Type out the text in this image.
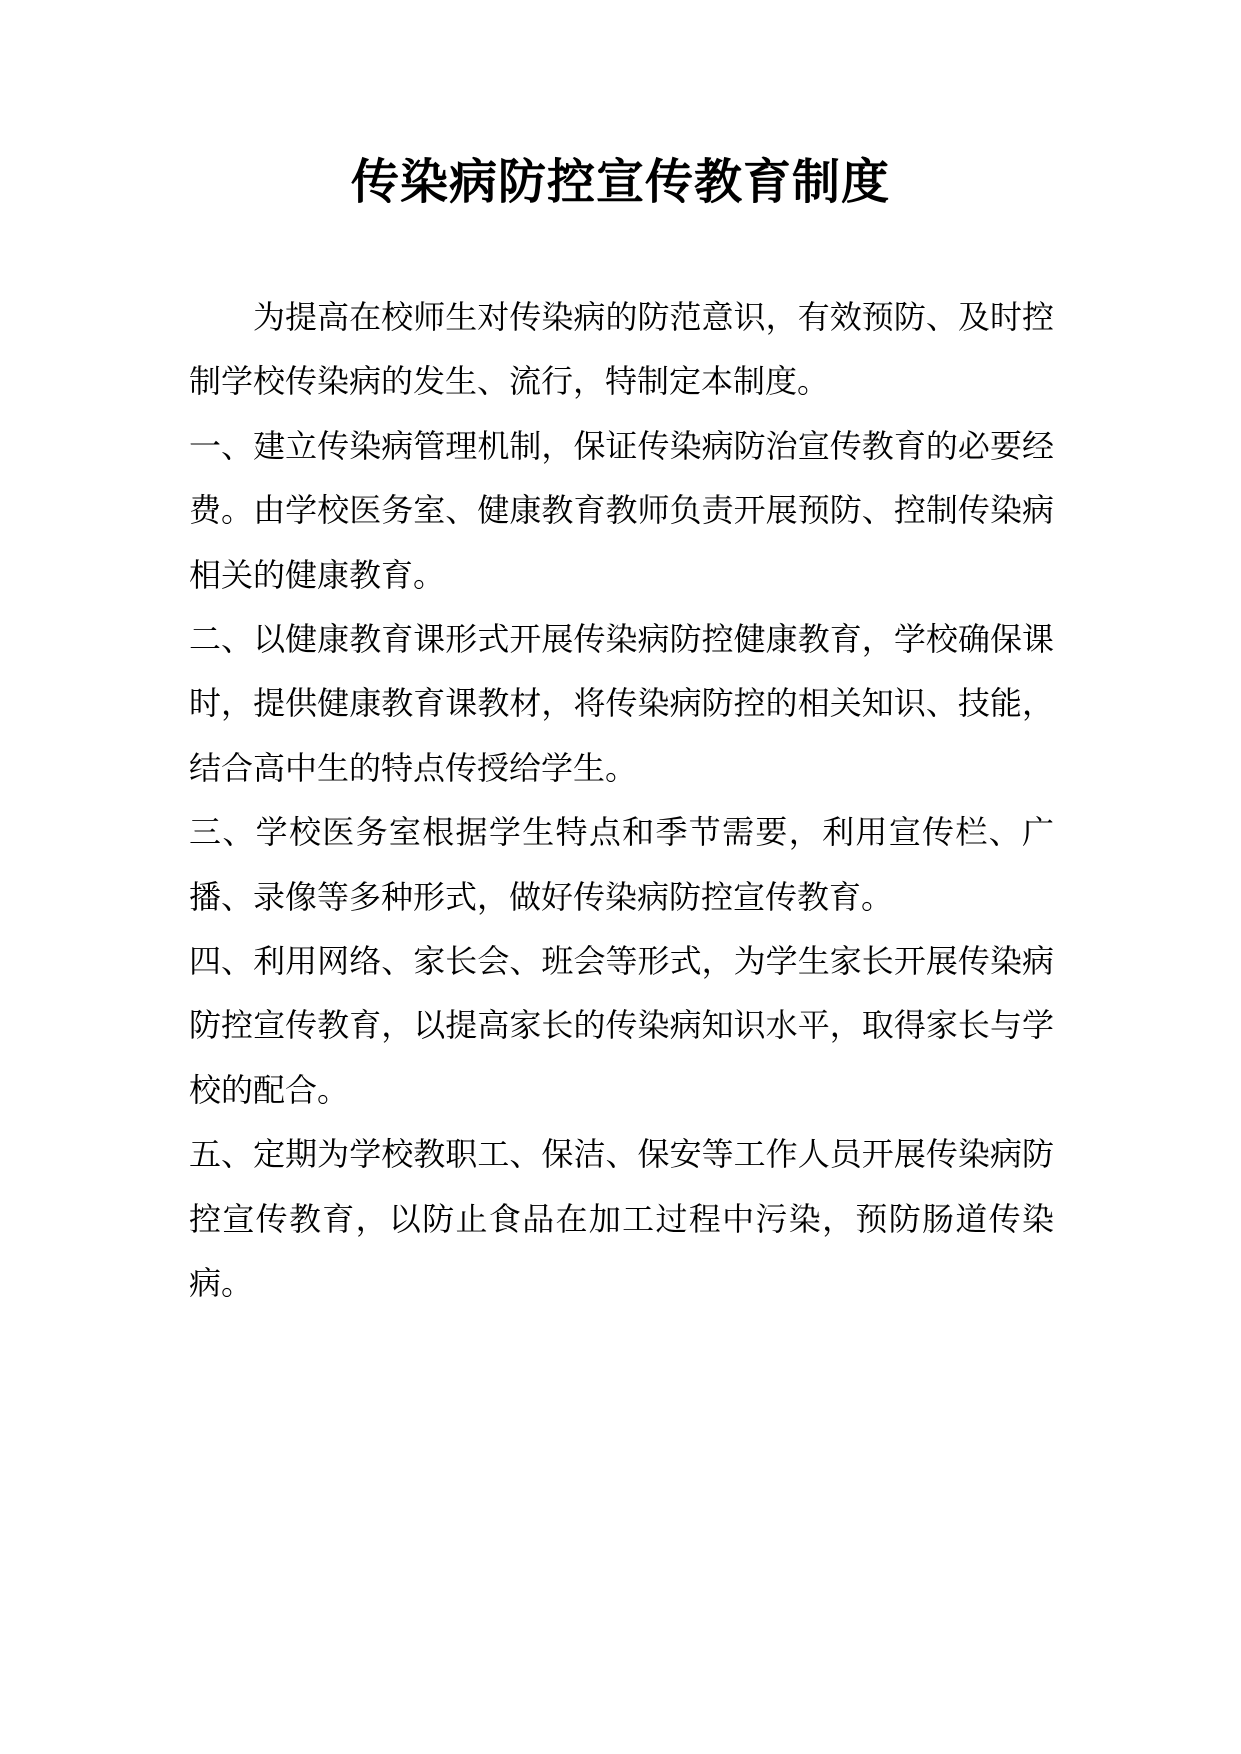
传染病防控宣传教育制度

为提高在校师生对传染病的防范意识，有效预防、及时控制学校传染病的发生、流行，特制定本制度。

一、建立传染病管理机制，保证传染病防治宣传教育的必要经费。由学校医务室、健康教育教师负责开展预防、控制传染病相关的健康教育。

二、以健康教育课形式开展传染病防控健康教育，学校确保课时，提供健康教育课教材，将传染病防控的相关知识、技能，结合高中生的特点传授给学生。

三、学校医务室根据学生特点和季节需要，利用宣传栏、广播、录像等多种形式，做好传染病防控宣传教育。

四、利用网络、家长会、班会等形式，为学生家长开展传染病防控宣传教育，以提高家长的传染病知识水平，取得家长与学校的配合。

五、定期为学校教职工、保洁、保安等工作人员开展传染病防控宣传教育，以防止食品在加工过程中污染，预防肠道传染病。
